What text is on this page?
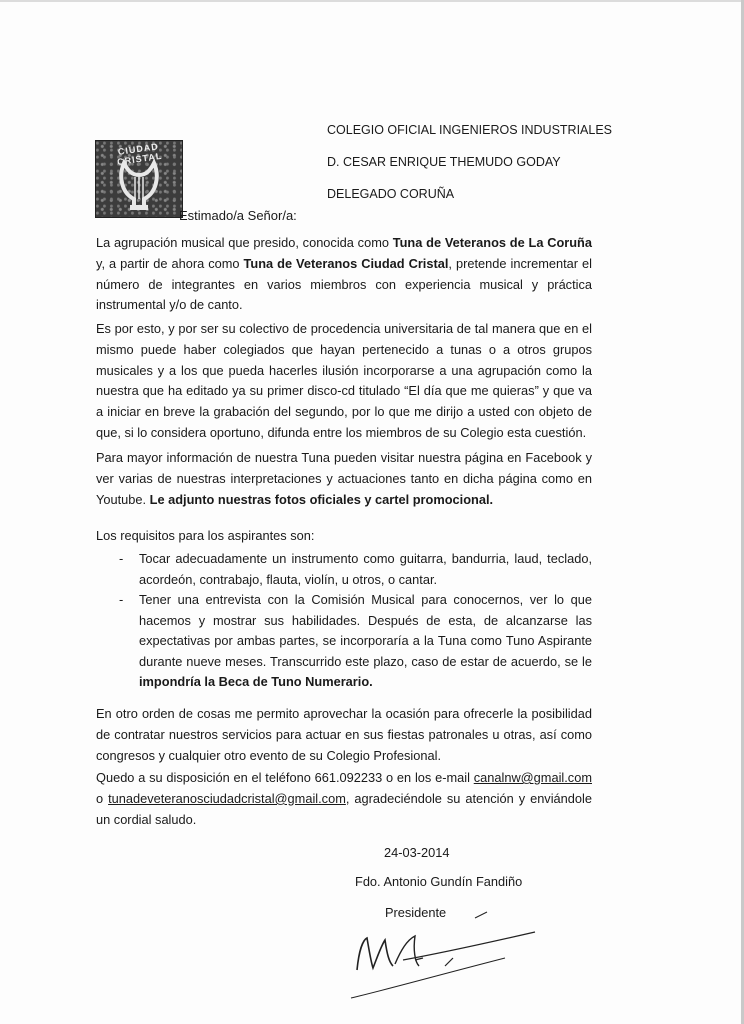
CIUDAD CRISTAL
COLEGIO OFICIAL INGENIEROS INDUSTRIALES
D. CESAR ENRIQUE THEMUDO GODAY
DELEGADO CORUÑA
Estimado/a Señor/a:

La agrupación musical que presido, conocida como Tuna de Veteranos de La Coruña y, a partir de ahora como Tuna de Veteranos Ciudad Cristal, pretende incrementar el número de integrantes en varios miembros con experiencia musical y práctica instrumental y/o de canto.

Es por esto, y por ser su colectivo de procedencia universitaria de tal manera que en el mismo puede haber colegiados que hayan pertenecido a tunas o a otros grupos musicales y a los que pueda hacerles ilusión incorporarse a una agrupación como la nuestra que ha editado ya su primer disco-cd titulado “El día que me quieras” y que va a iniciar en breve la grabación del segundo, por lo que me dirijo a usted con objeto de que, si lo considera oportuno, difunda entre los miembros de su Colegio esta cuestión.

Para mayor información de nuestra Tuna pueden visitar nuestra página en Facebook y ver varias de nuestras interpretaciones y actuaciones tanto en dicha página como en Youtube. Le adjunto nuestras fotos oficiales y cartel promocional.

Los requisitos para los aspirantes son:

- Tocar adecuadamente un instrumento como guitarra, bandurria, laud, teclado, acordeón, contrabajo, flauta, violín, u otros, o cantar.
- Tener una entrevista con la Comisión Musical para conocernos, ver lo que hacemos y mostrar sus habilidades. Después de esta, de alcanzarse las expectativas por ambas partes, se incorporaría a la Tuna como Tuno Aspirante durante nueve meses. Transcurrido este plazo, caso de estar de acuerdo, se le impondría la Beca de Tuno Numerario.

En otro orden de cosas me permito aprovechar la ocasión para ofrecerle la posibilidad de contratar nuestros servicios para actuar en sus fiestas patronales u otras, así como congresos y cualquier otro evento de su Colegio Profesional.

Quedo a su disposición en el teléfono 661.092233 o en los e-mail canalnw@gmail.com o tunadeveteranosciudadcristal@gmail.com, agradeciéndole su atención y enviándole un cordial saludo.

24-03-2014
Fdo. Antonio Gundín Fandiño
Presidente
